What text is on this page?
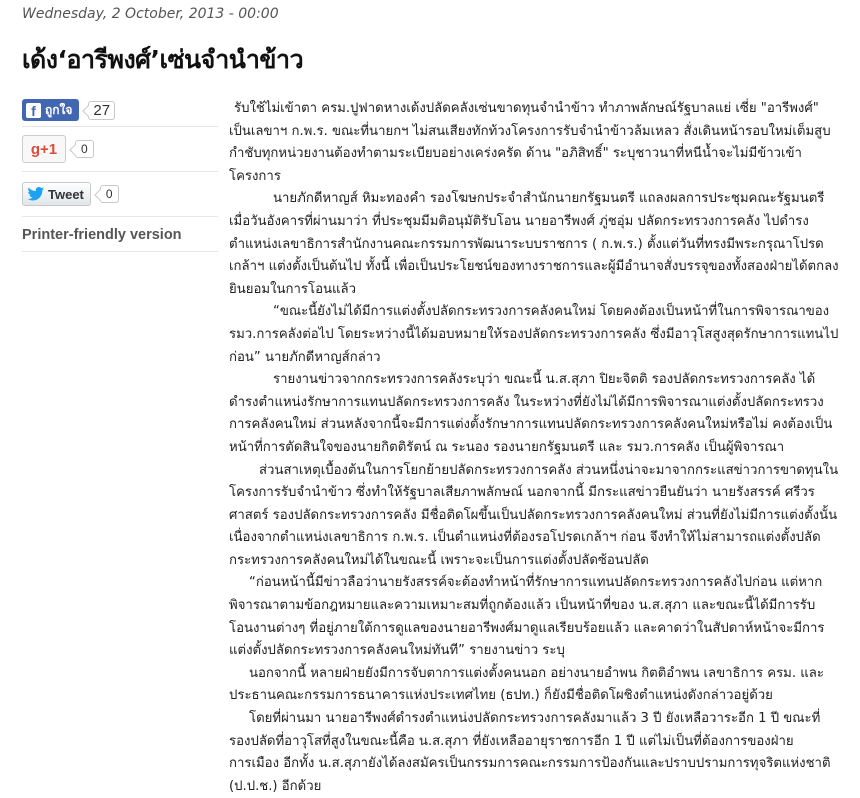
Wednesday, 2 October, 2013 - 00:00
เด้ง‘อารีพงศ์’เซ่นจำนำข้าว
f ถูกใจ	27
g+1	0
Tweet	0
Printer-friendly version

รับใช้ไม่เข้าตา ครม.ปูฟาดหางเด้งปลัดคลังเซ่นขาดทุนจำนำข้าว ทำภาพลักษณ์รัฐบาลแย่ เซี่ย "อารีพงศ์" เป็นเลขาฯ ก.พ.ร. ขณะที่นายกฯ ไม่สนเสียงทักท้วงโครงการรับจำนำข้าวล้มเหลว สั่งเดินหน้ารอบใหม่เต็มสูบ กำชับทุกหน่วยงานต้องทำตามระเบียบอย่างเคร่งครัด ด้าน "อภิสิทธิ์" ระบุชาวนาที่หนีน้ำจะไม่มีข้าวเข้าโครงการ

นายภักดีหาญส์ หิมะทองคำ รองโฆษกประจำสำนักนายกรัฐมนตรี แถลงผลการประชุมคณะรัฐมนตรี เมื่อวันอังคารที่ผ่านมาว่า ที่ประชุมมีมติอนุมัติรับโอน นายอารีพงศ์ ภู่ชอุ่ม ปลัดกระทรวงการคลัง ไปดำรงตำแหน่งเลขาธิการสำนักงานคณะกรรมการพัฒนาระบบราชการ ( ก.พ.ร.) ตั้งแต่วันที่ทรงมีพระกรุณาโปรดเกล้าฯ แต่งตั้งเป็นต้นไป ทั้งนี้ เพื่อเป็นประโยชน์ของทางราชการและผู้มีอำนาจสั่งบรรจุของทั้งสองฝ่ายได้ตกลงยินยอมในการโอนแล้ว

“ขณะนี้ยังไม่ได้มีการแต่งตั้งปลัดกระทรวงการคลังคนใหม่ โดยคงต้องเป็นหน้าที่ในการพิจารณาของ รมว.การคลังต่อไป โดยระหว่างนี้ได้มอบหมายให้รองปลัดกระทรวงการคลัง ซึ่งมีอาวุโสสูงสุดรักษาการแทนไปก่อน” นายภักดีหาญส์กล่าว

รายงานข่าวจากกระทรวงการคลังระบุว่า ขณะนี้ น.ส.สุภา ปิยะจิตติ รองปลัดกระทรวงการคลัง ได้ดำรงตำแหน่งรักษาการแทนปลัดกระทรวงการคลัง ในระหว่างที่ยังไม่ได้มีการพิจารณาแต่งตั้งปลัดกระทรวงการคลังคนใหม่ ส่วนหลังจากนี้จะมีการแต่งตั้งรักษาการแทนปลัดกระทรวงการคลังคนใหม่หรือไม่ คงต้องเป็นหน้าที่การตัดสินใจของนายกิตติรัตน์ ณ ระนอง รองนายกรัฐมนตรี และ รมว.การคลัง เป็นผู้พิจารณา

ส่วนสาเหตุเบื้องต้นในการโยกย้ายปลัดกระทรวงการคลัง ส่วนหนึ่งน่าจะมาจากกระแสข่าวการขาดทุนในโครงการรับจำนำข้าว ซึ่งทำให้รัฐบาลเสียภาพลักษณ์ นอกจากนี้ มีกระแสข่าวยืนยันว่า นายรังสรรค์ ศรีวรศาสตร์ รองปลัดกระทรวงการคลัง มีชื่อติดโผขึ้นเป็นปลัดกระทรวงการคลังคนใหม่ ส่วนที่ยังไม่มีการแต่งตั้งนั้น เนื่องจากตำแหน่งเลขาธิการ ก.พ.ร. เป็นตำแหน่งที่ต้องรอโปรดเกล้าฯ ก่อน จึงทำให้ไม่สามารถแต่งตั้งปลัดกระทรวงการคลังคนใหม่ได้ในขณะนี้ เพราะจะเป็นการแต่งตั้งปลัดซ้อนปลัด

“ก่อนหน้านี้มีข่าวลือว่านายรังสรรค์จะต้องทำหน้าที่รักษาการแทนปลัดกระทรวงการคลังไปก่อน แต่หากพิจารณาตามข้อกฎหมายและความเหมาะสมที่ถูกต้องแล้ว เป็นหน้าที่ของ น.ส.สุภา และขณะนี้ได้มีการรับโอนงานต่างๆ ที่อยู่ภายใต้การดูแลของนายอารีพงศ์มาดูแลเรียบร้อยแล้ว และคาดว่าในสัปดาห์หน้าจะมีการแต่งตั้งปลัดกระทรวงการคลังคนใหม่ทันที” รายงานข่าว ระบุ

นอกจากนี้ หลายฝ่ายยังมีการจับตาการแต่งตั้งคนนอก อย่างนายอำพน กิตติอำพน เลขาธิการ ครม. และประธานคณะกรรมการธนาคารแห่งประเทศไทย (ธปท.) ก็ยังมีชื่อติดโผชิงตำแหน่งดังกล่าวอยู่ด้วย

โดยที่ผ่านมา นายอารีพงศ์ดำรงตำแหน่งปลัดกระทรวงการคลังมาแล้ว 3 ปี ยังเหลือวาระอีก 1 ปี ขณะที่รองปลัดที่อาวุโสที่สูงในขณะนี้คือ น.ส.สุภา ที่ยังเหลืออายุราชการอีก 1 ปี แต่ไม่เป็นที่ต้องการของฝ่ายการเมือง อีกทั้ง น.ส.สุภายังได้ลงสมัครเป็นกรรมการคณะกรรมการป้องกันและปราบปรามการทุจริตแห่งชาติ (ป.ป.ช.) อีกด้วย
